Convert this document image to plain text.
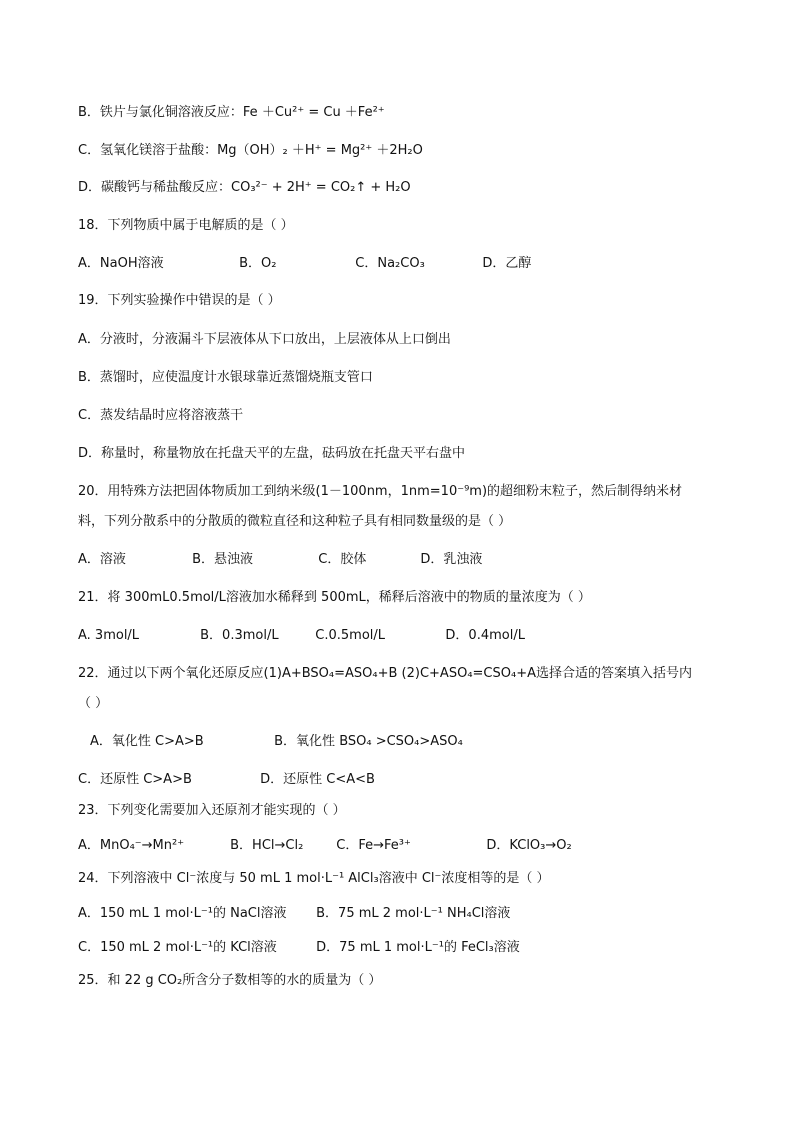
B．铁片与氯化铜溶液反应：Fe ＋Cu²⁺ = Cu ＋Fe²⁺
C．氢氧化镁溶于盐酸：Mg（OH）₂ ＋H⁺ = Mg²⁺ ＋2H₂O
D．碳酸钙与稀盐酸反应：CO₃²⁻ + 2H⁺ = CO₂↑ + H₂O
18．下列物质中属于电解质的是（ ）
A．NaOH溶液	B．O₂	C．Na₂CO₃	D．乙醇
19．下列实验操作中错误的是（ ）
A．分液时，分液漏斗下层液体从下口放出，上层液体从上口倒出
B．蒸馏时，应使温度计水银球靠近蒸馏烧瓶支管口
C．蒸发结晶时应将溶液蒸干
D．称量时，称量物放在托盘天平的左盘，砝码放在托盘天平右盘中
20．用特殊方法把固体物质加工到纳米级(1－100nm，1nm=10⁻⁹m)的超细粉末粒子，然后制得纳米材
料，下列分散系中的分散质的微粒直径和这种粒子具有相同数量级的是（ ）
A．溶液	B．悬浊液	C．胶体	D．乳浊液
21．将 300mL0.5mol/L溶液加水稀释到 500mL，稀释后溶液中的物质的量浓度为（ ）
A. 3mol/L	B．0.3mol/L	C.0.5mol/L	D．0.4mol/L
22．通过以下两个氧化还原反应(1)A+BSO₄=ASO₄+B (2)C+ASO₄=CSO₄+A选择合适的答案填入括号内
（ ）
A．氧化性 C>A>B	B．氧化性 BSO₄ >CSO₄>ASO₄
C．还原性 C>A>B	D．还原性 C<A<B
23．下列变化需要加入还原剂才能实现的（ ）
A．MnO₄⁻→Mn²⁺	B．HCl→Cl₂	C．Fe→Fe³⁺	D．KClO₃→O₂
24．下列溶液中 Cl⁻浓度与 50 mL 1 mol·L⁻¹ AlCl₃溶液中 Cl⁻浓度相等的是（ ）
A．150 mL 1 mol·L⁻¹的 NaCl溶液 B．75 mL 2 mol·L⁻¹ NH₄Cl溶液
C．150 mL 2 mol·L⁻¹的 KCl溶液	D．75 mL 1 mol·L⁻¹的 FeCl₃溶液
25．和 22 g CO₂所含分子数相等的水的质量为（ ）
